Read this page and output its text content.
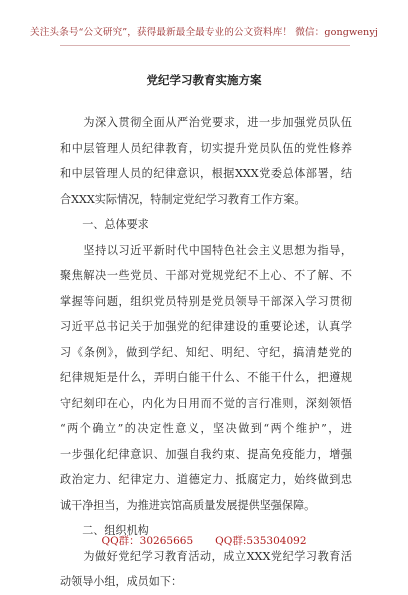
关注头条号“公文研究”，获得最新最全最专业的公文资料库！ 微信：gongwenyj
党纪学习教育实施方案
　　为深入贯彻全面从严治党要求，进一步加强党员队伍
和中层管理人员纪律教育，切实提升党员队伍的党性修养
和中层管理人员的纪律意识，根据XXX党委总体部署，结
合XXX实际情况，特制定党纪学习教育工作方案。
　　一、总体要求
　　坚持以习近平新时代中国特色社会主义思想为指导，
聚焦解决一些党员、干部对党规党纪不上心、不了解、不
掌握等问题，组织党员特别是党员领导干部深入学习贯彻
习近平总书记关于加强党的纪律建设的重要论述，认真学
习《条例》，做到学纪、知纪、明纪、守纪，搞清楚党的
纪律规矩是什么，弄明白能干什么、不能干什么，把遵规
守纪刻印在心，内化为日用而不觉的言行准则，深刻领悟
“两个确立”的决定性意义，坚决做到“两个维护”，进
一步强化纪律意识、加强自我约束、提高免疫能力，增强
政治定力、纪律定力、道德定力、抵腐定力，始终做到忠
诚干净担当，为推进宾馆高质量发展提供坚强保障。
　　二、组织机构
　　为做好党纪学习教育活动，成立XXX党纪学习教育活
动领导小组，成员如下：
QQ群：30265665 QQ群:535304092
